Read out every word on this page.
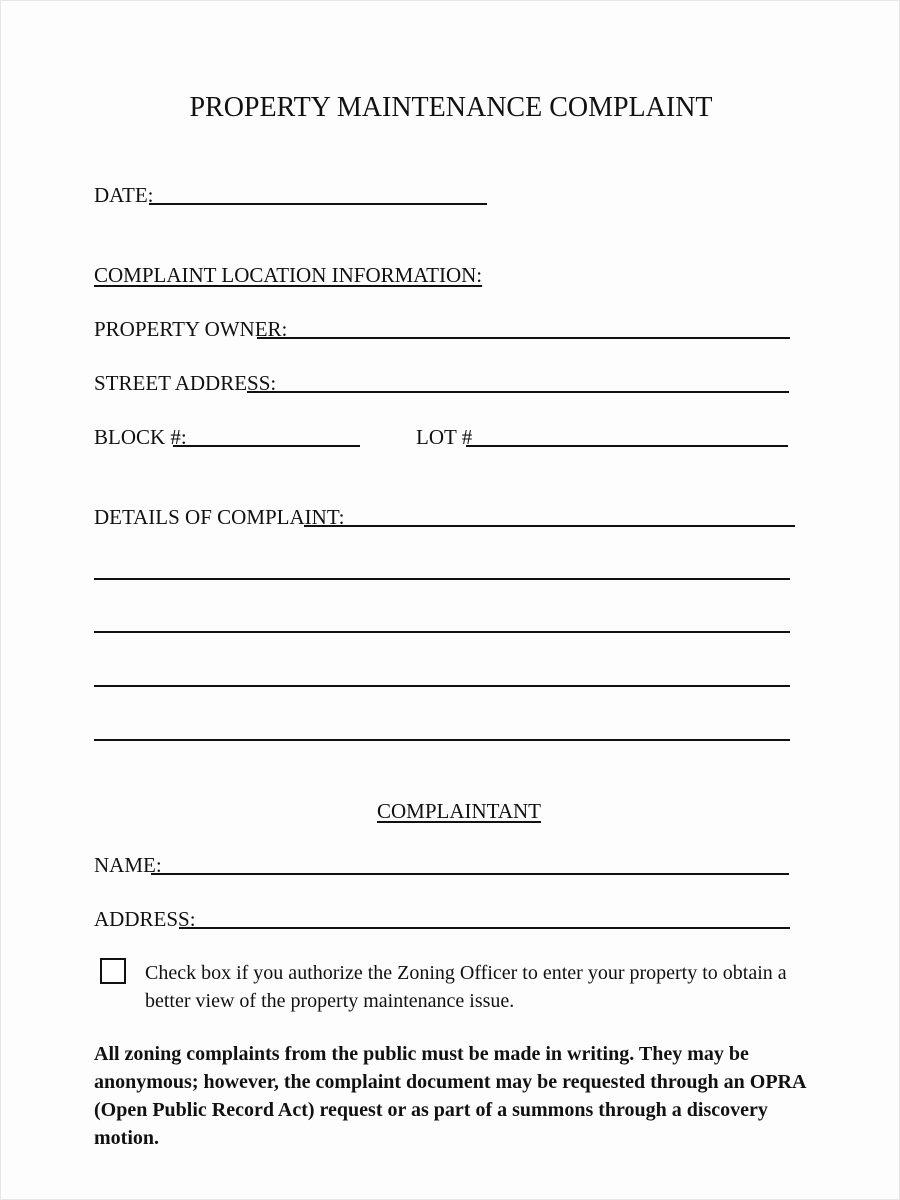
PROPERTY MAINTENANCE COMPLAINT
DATE:
COMPLAINT LOCATION INFORMATION:
PROPERTY OWNER:
STREET ADDRESS:
BLOCK #:	LOT #
DETAILS OF COMPLAINT:
COMPLAINTANT
NAME:
ADDRESS:
Check box if you authorize the Zoning Officer to enter your property to obtain a better view of the property maintenance issue.
All zoning complaints from the public must be made in writing. They may be anonymous; however, the complaint document may be requested through an OPRA (Open Public Record Act) request or as part of a summons through a discovery motion.
